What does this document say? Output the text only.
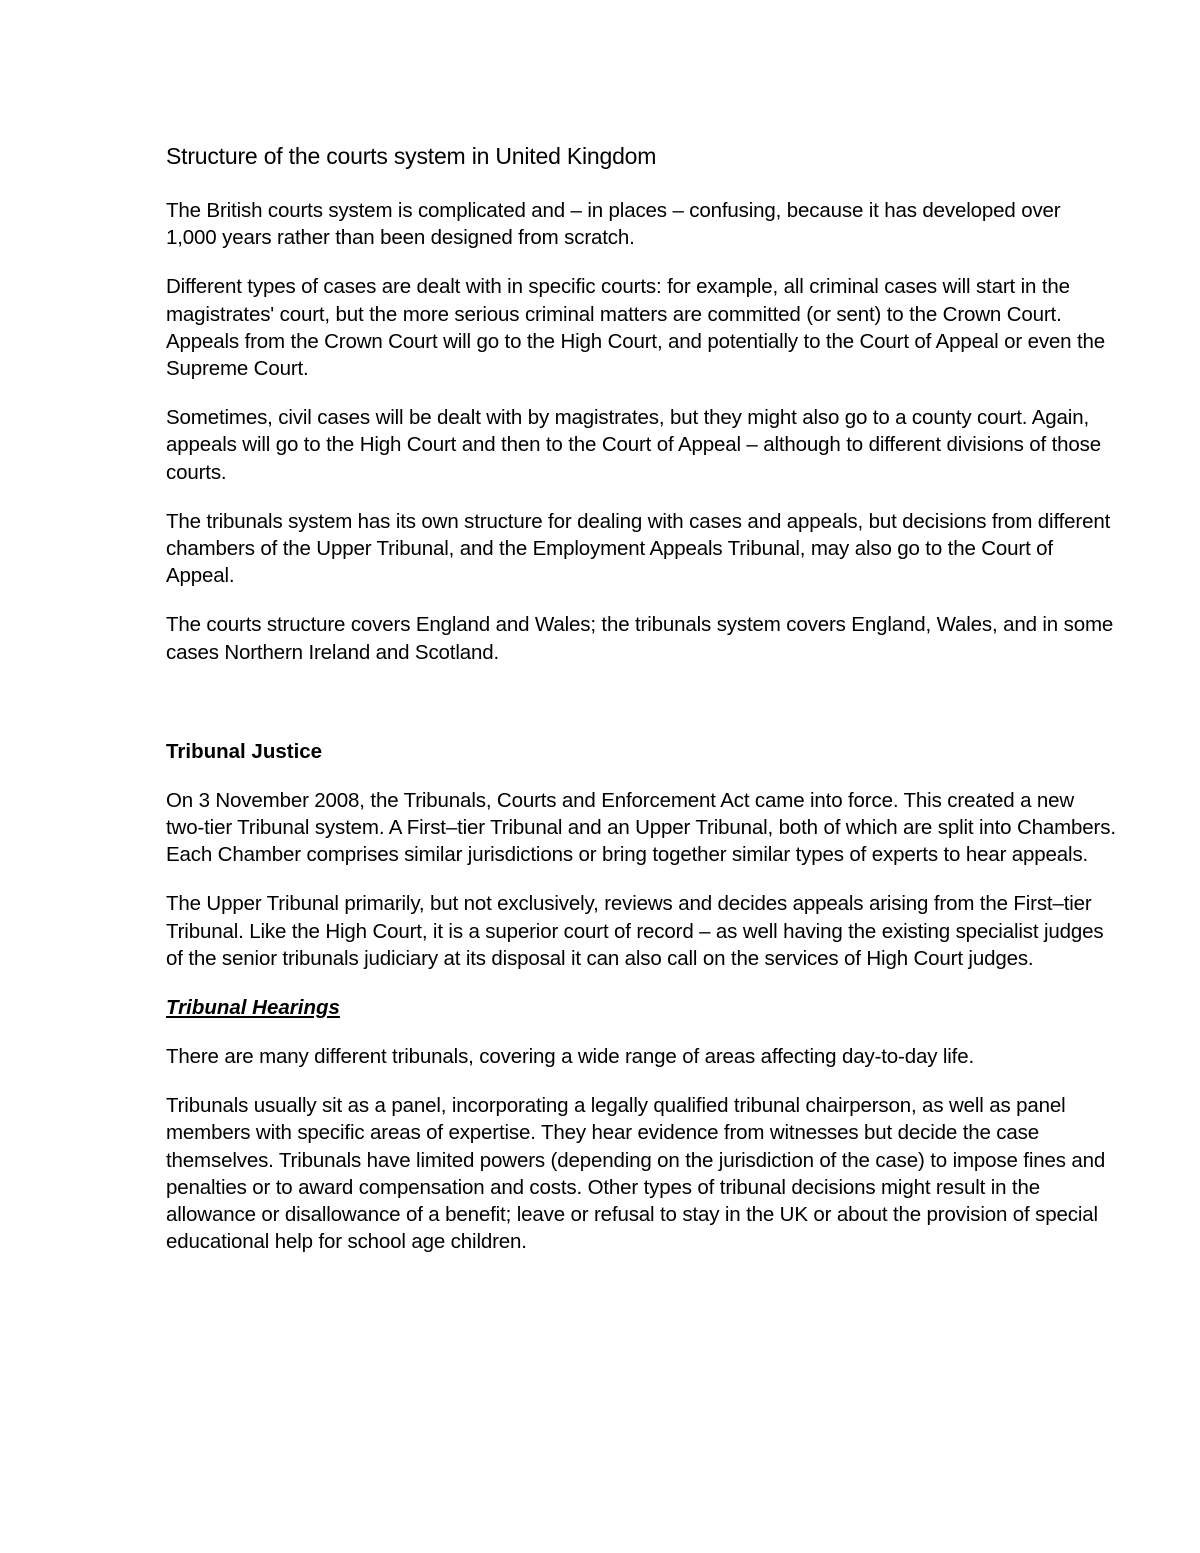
Structure of the courts system in United Kingdom

The British courts system is complicated and – in places – confusing, because it has developed over 1,000 years rather than been designed from scratch.

Different types of cases are dealt with in specific courts: for example, all criminal cases will start in the magistrates' court, but the more serious criminal matters are committed (or sent) to the Crown Court. Appeals from the Crown Court will go to the High Court, and potentially to the Court of Appeal or even the Supreme Court.

Sometimes, civil cases will be dealt with by magistrates, but they might also go to a county court. Again, appeals will go to the High Court and then to the Court of Appeal – although to different divisions of those courts.

The tribunals system has its own structure for dealing with cases and appeals, but decisions from different chambers of the Upper Tribunal, and the Employment Appeals Tribunal, may also go to the Court of Appeal.

The courts structure covers England and Wales; the tribunals system covers England, Wales, and in some cases Northern Ireland and Scotland.

Tribunal Justice

On 3 November 2008, the Tribunals, Courts and Enforcement Act came into force. This created a new two-tier Tribunal system. A First–tier Tribunal and an Upper Tribunal, both of which are split into Chambers. Each Chamber comprises similar jurisdictions or bring together similar types of experts to hear appeals.

The Upper Tribunal primarily, but not exclusively, reviews and decides appeals arising from the First–tier Tribunal. Like the High Court, it is a superior court of record – as well having the existing specialist judges of the senior tribunals judiciary at its disposal it can also call on the services of High Court judges.

Tribunal Hearings

There are many different tribunals, covering a wide range of areas affecting day-to-day life.

Tribunals usually sit as a panel, incorporating a legally qualified tribunal chairperson, as well as panel members with specific areas of expertise. They hear evidence from witnesses but decide the case themselves. Tribunals have limited powers (depending on the jurisdiction of the case) to impose fines and penalties or to award compensation and costs. Other types of tribunal decisions might result in the allowance or disallowance of a benefit; leave or refusal to stay in the UK or about the provision of special educational help for school age children.
